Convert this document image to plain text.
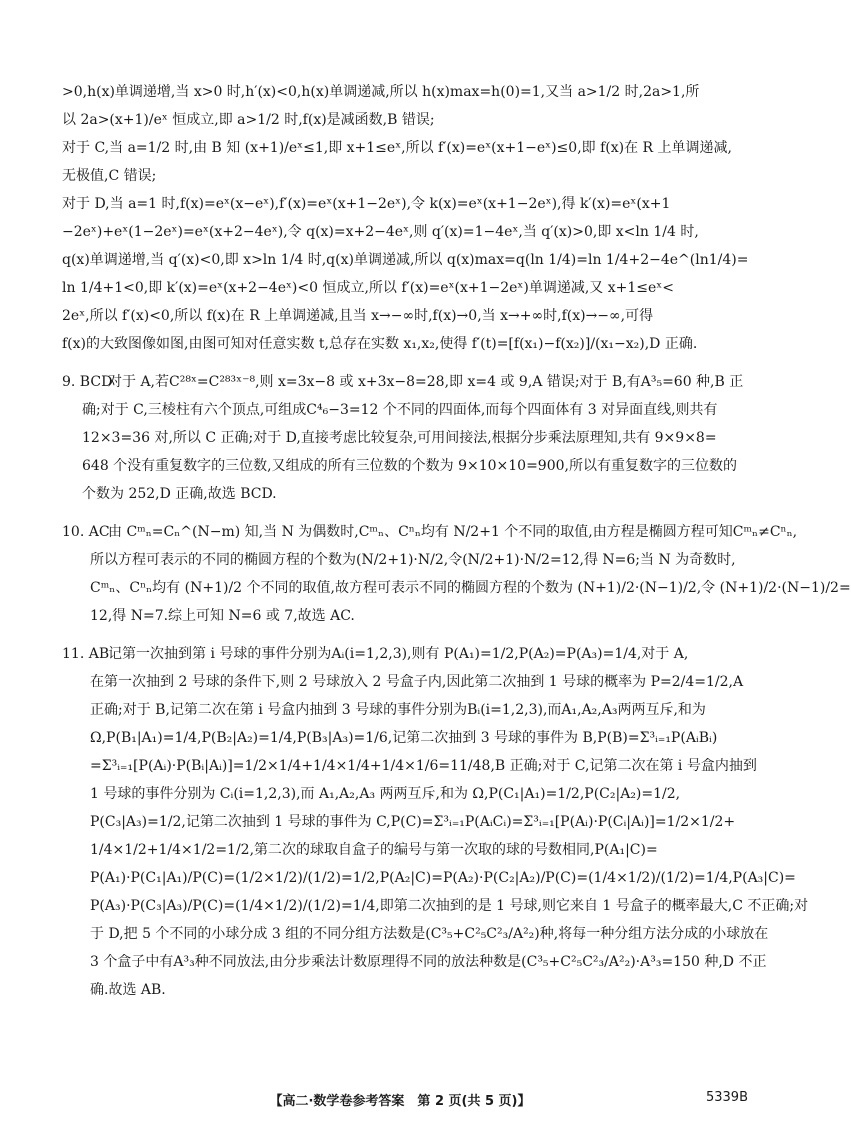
>0,h(x)单调递增,当 x>0 时,h′(x)<0,h(x)单调递减,所以 h(x)max=h(0)=1,又当 a>1/2 时,2a>1,所
以 2a>(x+1)/eˣ 恒成立,即 a>1/2 时,f(x)是减函数,B 错误;
对于 C,当 a=1/2 时,由 B 知 (x+1)/eˣ≤1,即 x+1≤eˣ,所以 f′(x)=eˣ(x+1−eˣ)≤0,即 f(x)在 R 上单调递减,
无极值,C 错误;
对于 D,当 a=1 时,f(x)=eˣ(x−eˣ),f′(x)=eˣ(x+1−2eˣ),令 k(x)=eˣ(x+1−2eˣ),得 k′(x)=eˣ(x+1
−2eˣ)+eˣ(1−2eˣ)=eˣ(x+2−4eˣ),令 q(x)=x+2−4eˣ,则 q′(x)=1−4eˣ,当 q′(x)>0,即 x<ln 1/4 时,
q(x)单调递增,当 q′(x)<0,即 x>ln 1/4 时,q(x)单调递减,所以 q(x)max=q(ln 1/4)=ln 1/4+2−4e^(ln1/4)=
ln 1/4+1<0,即 k′(x)=eˣ(x+2−4eˣ)<0 恒成立,所以 f′(x)=eˣ(x+1−2eˣ)单调递减,又 x+1≤eˣ<
2eˣ,所以 f′(x)<0,所以 f(x)在 R 上单调递减,且当 x→−∞时,f(x)→0,当 x→+∞时,f(x)→−∞,可得
f(x)的大致图像如图,由图可知对任意实数 t,总存在实数 x₁,x₂,使得 f′(t)=[f(x₁)−f(x₂)]/(x₁−x₂),D 正确.
9. BCD对于 A,若C²⁸ˣ=C²⁸³ˣ⁻⁸,则 x=3x−8 或 x+3x−8=28,即 x=4 或 9,A 错误;对于 B,有A³₅=60 种,B 正
确;对于 C,三棱柱有六个顶点,可组成C⁴₆−3=12 个不同的四面体,而每个四面体有 3 对异面直线,则共有
12×3=36 对,所以 C 正确;对于 D,直接考虑比较复杂,可用间接法,根据分步乘法原理知,共有 9×9×8=
648 个没有重复数字的三位数,又组成的所有三位数的个数为 9×10×10=900,所以有重复数字的三位数的
个数为 252,D 正确,故选 BCD.
10. AC由 Cᵐₙ=Cₙ^(N−m) 知,当 N 为偶数时,Cᵐₙ、Cⁿₙ均有 N/2+1 个不同的取值,由方程是椭圆方程可知Cᵐₙ≠Cⁿₙ,
所以方程可表示的不同的椭圆方程的个数为(N/2+1)·N/2,令(N/2+1)·N/2=12,得 N=6;当 N 为奇数时,
Cᵐₙ、Cⁿₙ均有 (N+1)/2 个不同的取值,故方程可表示不同的椭圆方程的个数为 (N+1)/2·(N−1)/2,令 (N+1)/2·(N−1)/2=
12,得 N=7.综上可知 N=6 或 7,故选 AC.
11. AB记第一次抽到第 i 号球的事件分别为Aᵢ(i=1,2,3),则有 P(A₁)=1/2,P(A₂)=P(A₃)=1/4,对于 A,
在第一次抽到 2 号球的条件下,则 2 号球放入 2 号盒子内,因此第二次抽到 1 号球的概率为 P=2/4=1/2,A
正确;对于 B,记第二次在第 i 号盒内抽到 3 号球的事件分别为Bᵢ(i=1,2,3),而A₁,A₂,A₃两两互斥,和为
Ω,P(B₁|A₁)=1/4,P(B₂|A₂)=1/4,P(B₃|A₃)=1/6,记第二次抽到 3 号球的事件为 B,P(B)=Σ³ᵢ₌₁P(AᵢBᵢ)
=Σ³ᵢ₌₁[P(Aᵢ)·P(Bᵢ|Aᵢ)]=1/2×1/4+1/4×1/4+1/4×1/6=11/48,B 正确;对于 C,记第二次在第 i 号盒内抽到
1 号球的事件分别为 Cᵢ(i=1,2,3),而 A₁,A₂,A₃ 两两互斥,和为 Ω,P(C₁|A₁)=1/2,P(C₂|A₂)=1/2,
P(C₃|A₃)=1/2,记第二次抽到 1 号球的事件为 C,P(C)=Σ³ᵢ₌₁P(AᵢCᵢ)=Σ³ᵢ₌₁[P(Aᵢ)·P(Cᵢ|Aᵢ)]=1/2×1/2+
1/4×1/2+1/4×1/2=1/2,第二次的球取自盒子的编号与第一次取的球的号数相同,P(A₁|C)=
P(A₁)·P(C₁|A₁)/P(C)=(1/2×1/2)/(1/2)=1/2,P(A₂|C)=P(A₂)·P(C₂|A₂)/P(C)=(1/4×1/2)/(1/2)=1/4,P(A₃|C)=
P(A₃)·P(C₃|A₃)/P(C)=(1/4×1/2)/(1/2)=1/4,即第二次抽到的是 1 号球,则它来自 1 号盒子的概率最大,C 不正确;对
于 D,把 5 个不同的小球分成 3 组的不同分组方法数是(C³₅+C²₅C²₃/A²₂)种,将每一种分组方法分成的小球放在
3 个盒子中有A³₃种不同放法,由分步乘法计数原理得不同的放法种数是(C³₅+C²₅C²₃/A²₂)·A³₃=150 种,D 不正
确.故选 AB.
【高二·数学卷参考答案　第 2 页(共 5 页)】	5339B
